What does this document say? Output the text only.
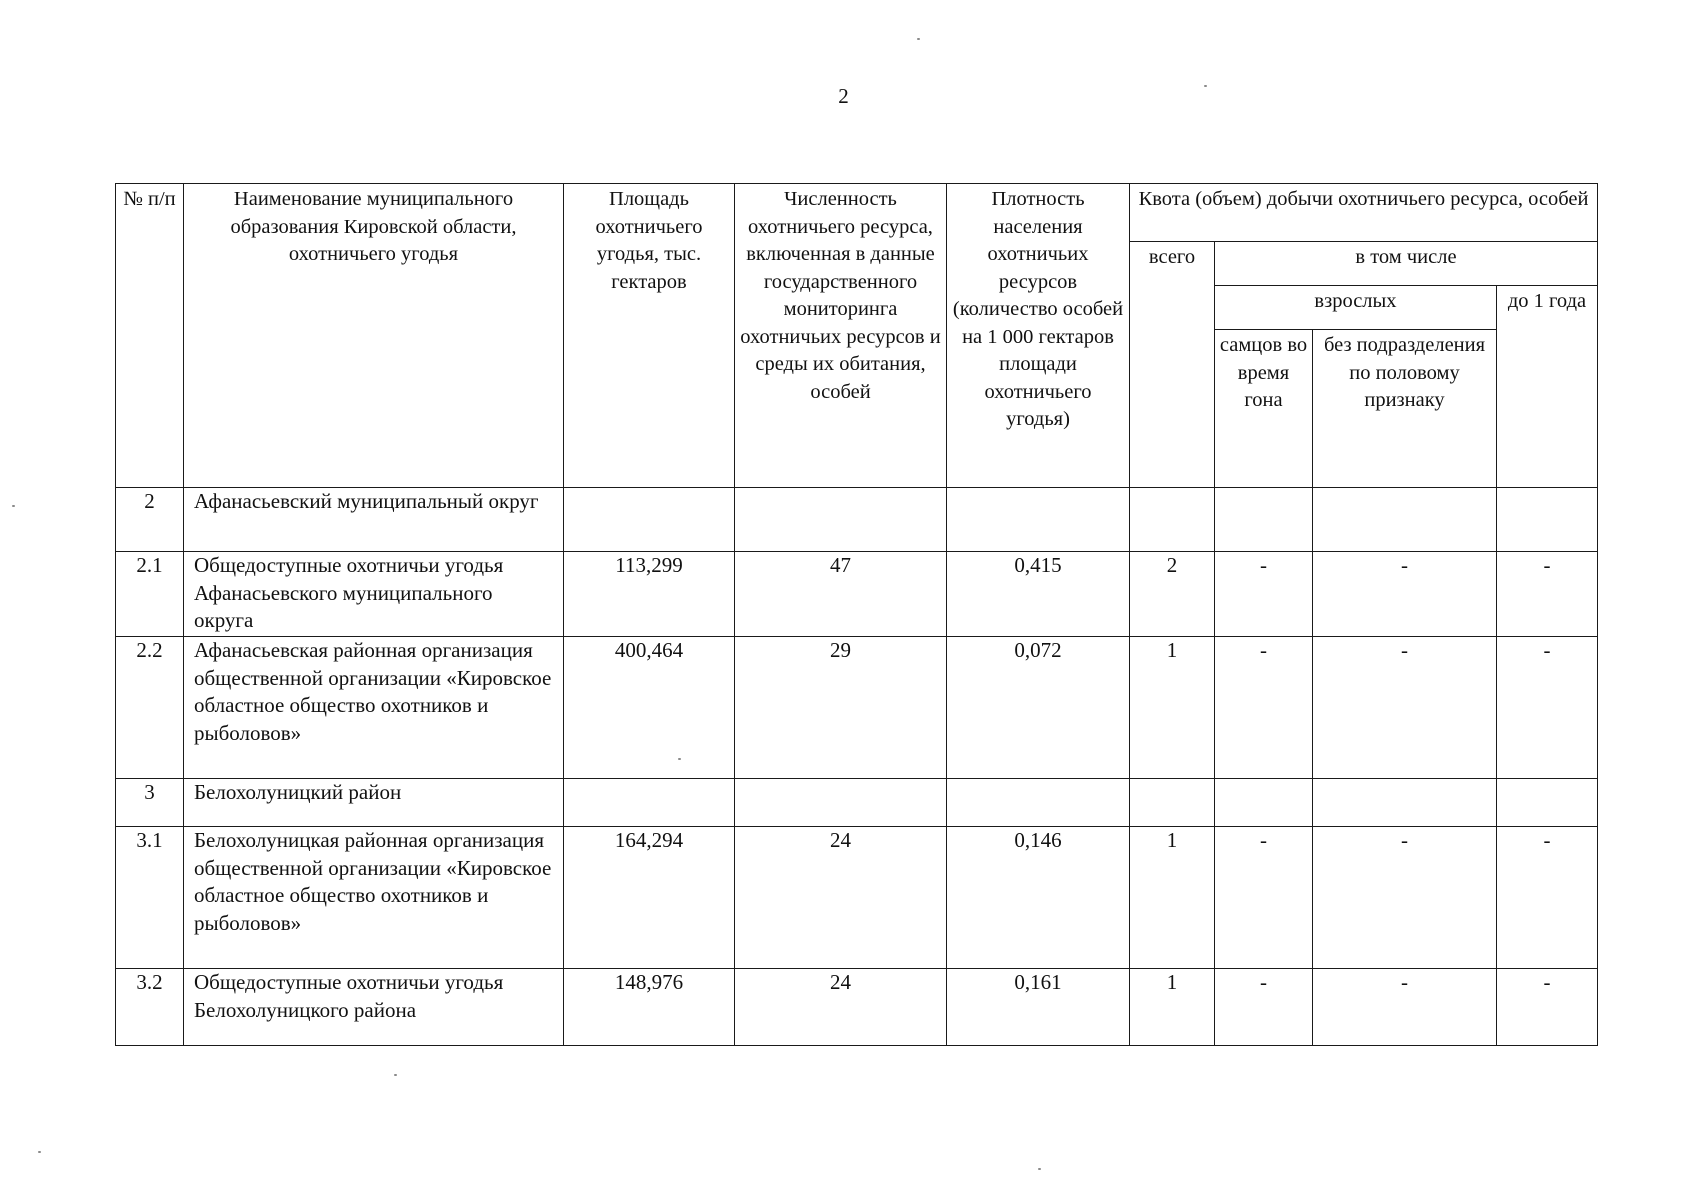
2
№ п/п	Наименование муниципального образования Кировской области, охотничьего угодья	Площадь охотничьего угодья, тыс. гектаров	Численность охотничьего ресурса, включенная в данные государственного мониторинга охотничьих ресурсов и среды их обитания, особей	Плотность населения охотничьих ресурсов (количество особей на 1 000 гектаров площади охотничьего угодья)	Квота (объем) добычи охотничьего ресурса, особей			
					всего	в том числе		
						взрослых		до 1 года
						самцов во время гона	без подразделения по половому признаку	
2	Афанасьевский муниципальный округ							
2.1	Общедоступные охотничьи угодья Афанасьевского муниципального округа	113,299	47	0,415	2	-	-	-
2.2	Афанасьевская районная организация общественной организации «Кировское областное общество охотников и рыболовов»	400,464	29	0,072	1	-	-	-
3	Белохолуницкий район							
3.1	Белохолуницкая районная организация общественной организации «Кировское областное общество охотников и рыболовов»	164,294	24	0,146	1	-	-	-
3.2	Общедоступные охотничьи угодья Белохолуницкого района	148,976	24	0,161	1	-	-	-
